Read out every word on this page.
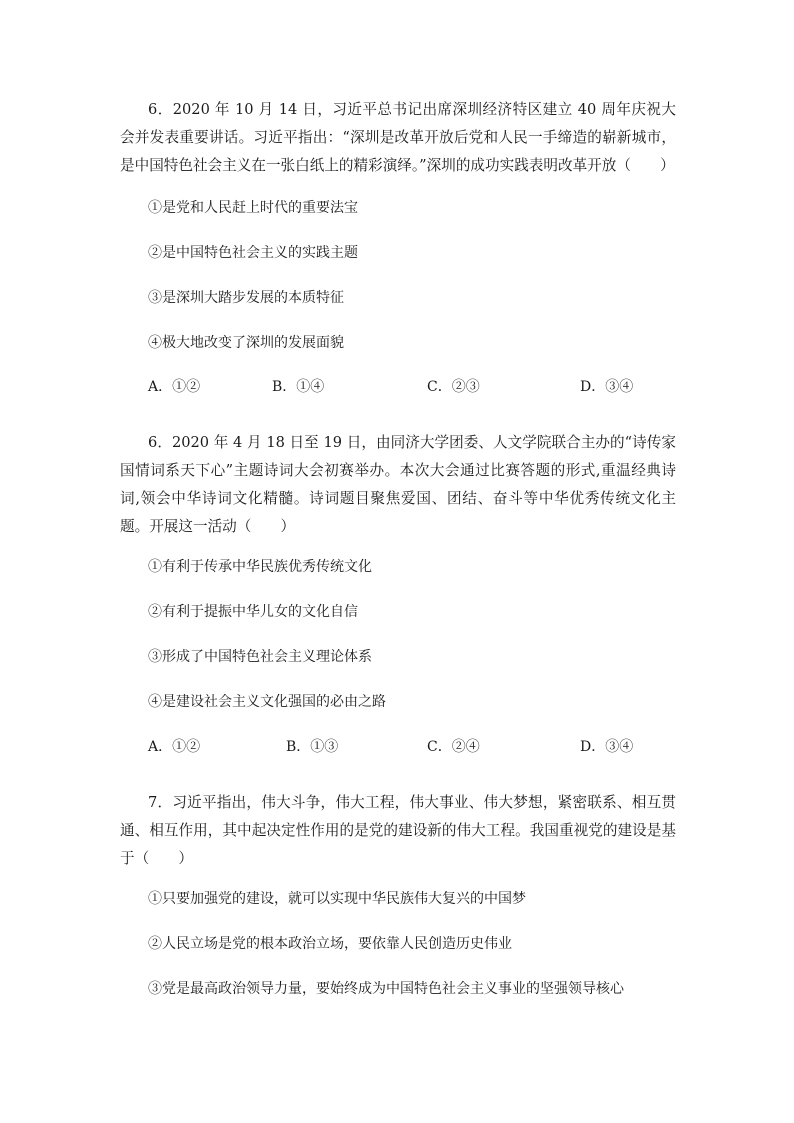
6．2020 年 10 月 14 日，习近平总书记出席深圳经济特区建立 40 周年庆祝大会并发表重要讲话。习近平指出：“深圳是改革开放后党和人民一手缔造的崭新城市，是中国特色社会主义在一张白纸上的精彩演绎。”深圳的成功实践表明改革开放（　　）

①是党和人民赶上时代的重要法宝

②是中国特色社会主义的实践主题

③是深圳大踏步发展的本质特征

④极大地改变了深圳的发展面貌

A．①②	B．①④	C．②③	D．③④

6．2020 年 4 月 18 日至 19 日，由同济大学团委、人文学院联合主办的“诗传家国情词系天下心”主题诗词大会初赛举办。本次大会通过比赛答题的形式,重温经典诗词,领会中华诗词文化精髓。诗词题目聚焦爱国、团结、奋斗等中华优秀传统文化主题。开展这一活动（　　）

①有利于传承中华民族优秀传统文化

②有利于提振中华儿女的文化自信

③形成了中国特色社会主义理论体系

④是建设社会主义文化强国的必由之路

A．①②	B．①③	C．②④	D．③④

7．习近平指出，伟大斗争，伟大工程，伟大事业、伟大梦想，紧密联系、相互贯通、相互作用，其中起决定性作用的是党的建设新的伟大工程。我国重视党的建设是基于（　　）

①只要加强党的建设，就可以实现中华民族伟大复兴的中国梦

②人民立场是党的根本政治立场，要依靠人民创造历史伟业

③党是最高政治领导力量，要始终成为中国特色社会主义事业的坚强领导核心
